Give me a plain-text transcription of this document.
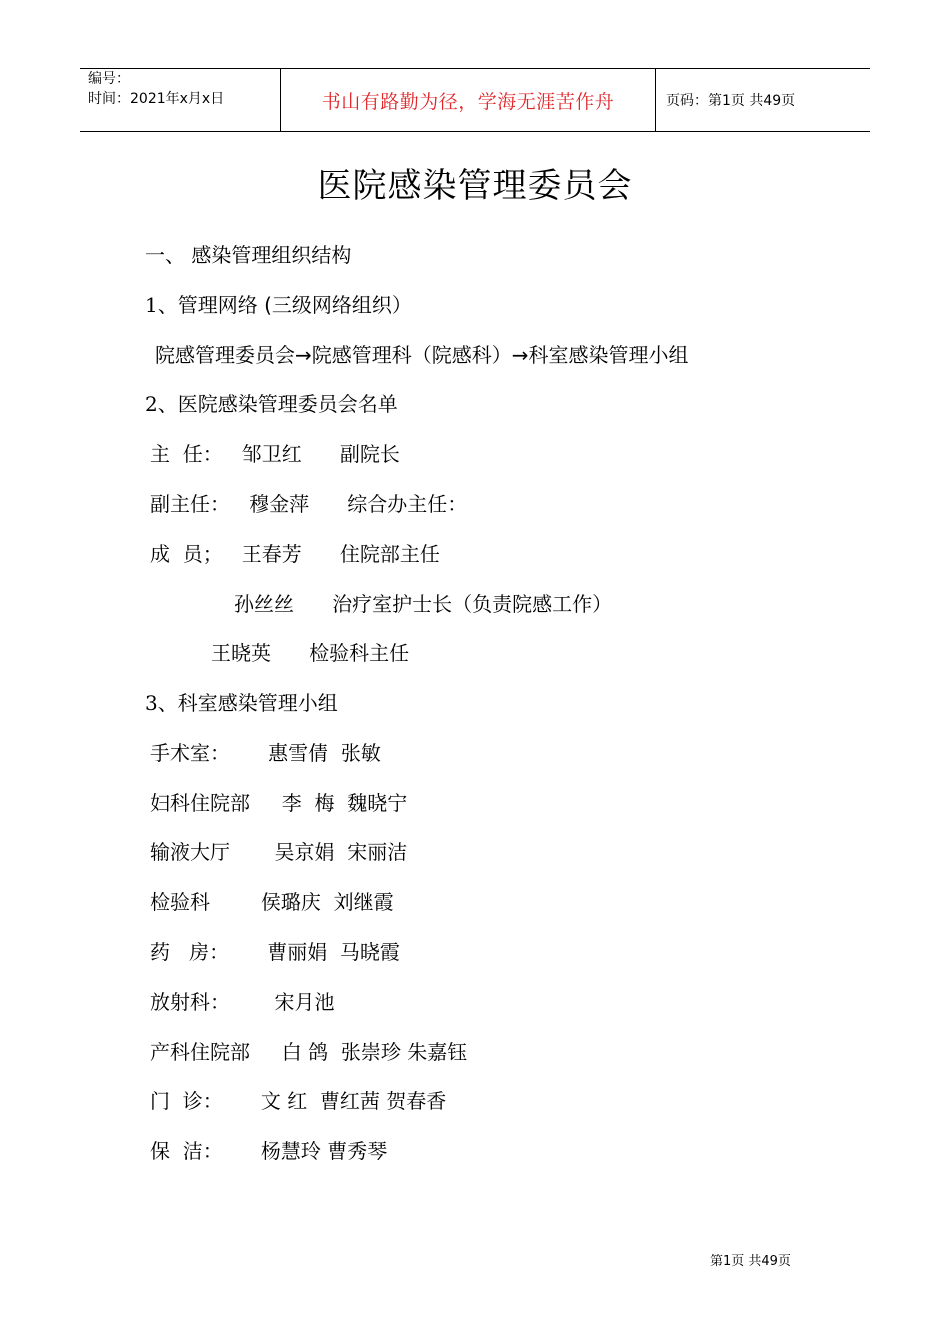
编号：
时间：2021年x月x日	书山有路勤为径，学海无涯苦作舟	页码：第1页 共49页
医院感染管理委员会
一、 感染管理组织结构
1、管理网络 (三级网络组织）
院感管理委员会→院感管理科（院感科）→科室感染管理小组
2、医院感染管理委员会名单
主  任：   邹卫红      副院长
副主任：   穆金萍      综合办主任：
成  员；   王春芳      住院部主任
孙丝丝      治疗室护士长（负责院感工作）
王晓英      检验科主任
3、科室感染管理小组
手术室：      惠雪倩  张敏
妇科住院部     李  梅  魏晓宁
输液大厅       吴京娟  宋丽洁
检验科        侯璐庆  刘继霞
药   房：      曹丽娟  马晓霞
放射科：       宋月池
产科住院部     白 鸽  张崇珍 朱嘉钰
门  诊：      文 红  曹红茜 贺春香
保  洁：      杨慧玲 曹秀琴
第1页 共49页
